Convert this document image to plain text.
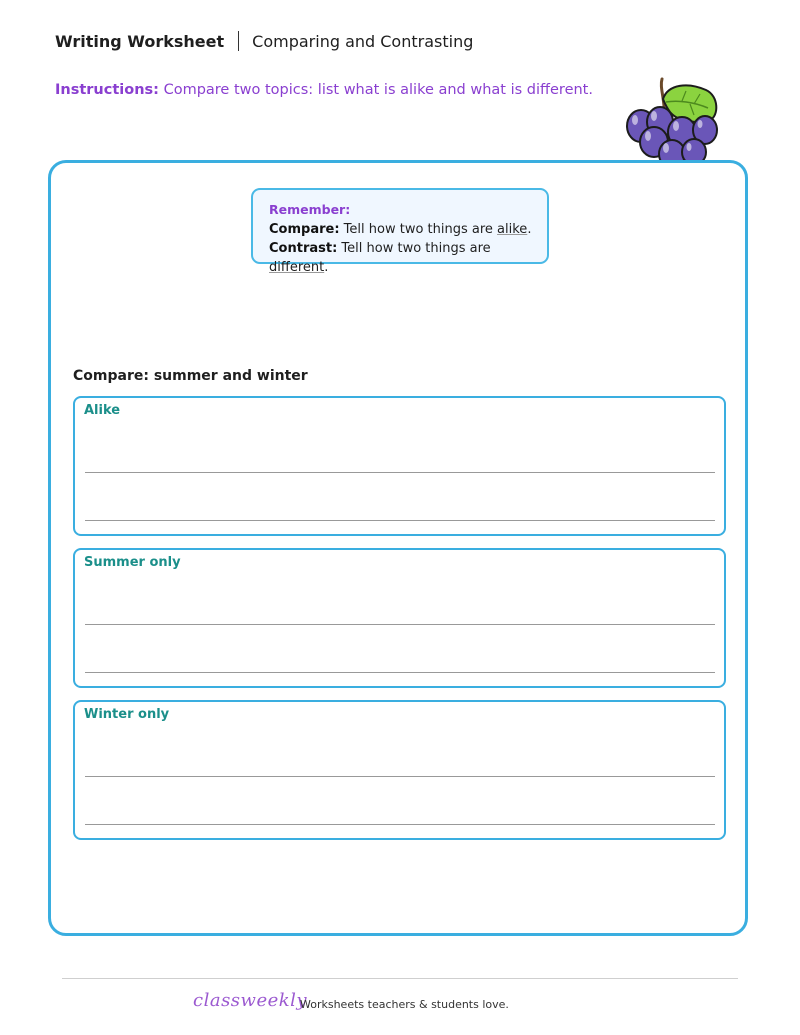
Writing Worksheet Comparing and Contrasting
Instructions: Compare two topics: list what is alike and what is different.
Remember:
Compare: Tell how two things are alike.
Contrast: Tell how two things are different.
Compare: summer and winter
Alike
Summer only
Winter only
classweekly
Worksheets teachers & students love.
